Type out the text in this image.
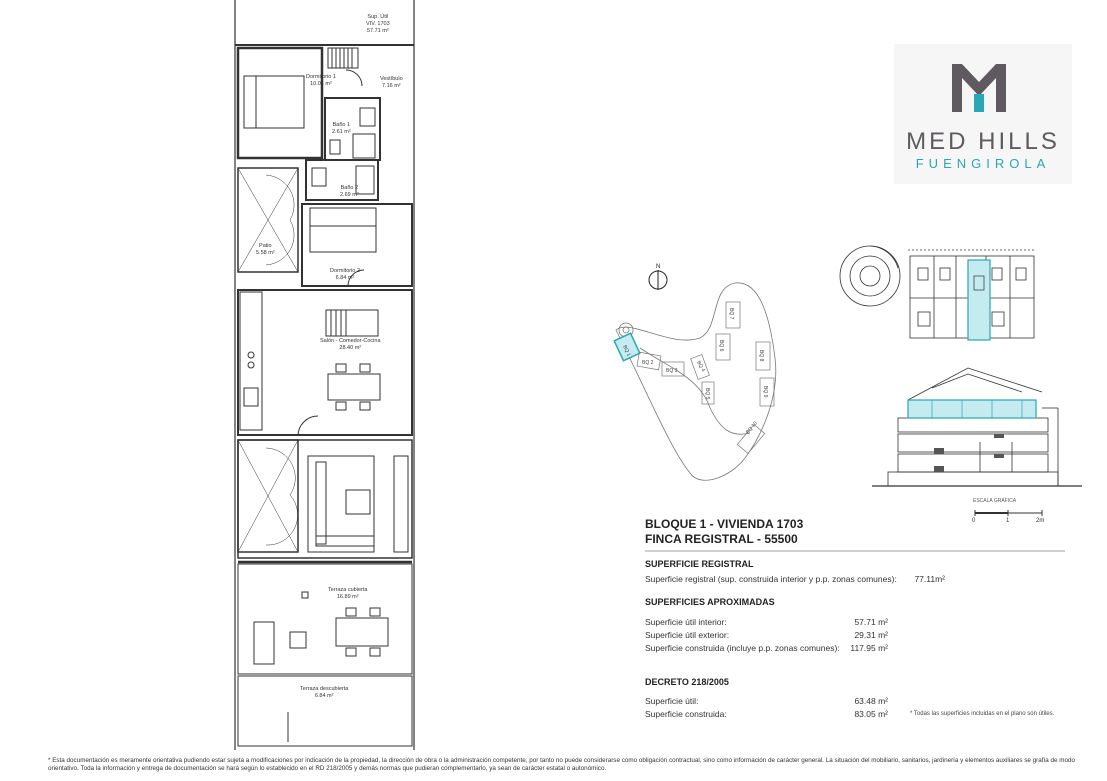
Sup. Útil
VIV. 1703
57.71 m²
Dormitorio 1
10.01 m²
Vestíbulo
7.16 m²
Baño 1
2.61 m²
Baño 2
2.69 m²
Patio
5.58 m²
Dormitorio 2
6.84 m²
Salón - Comedor-Cocina
28.40 m²
Terraza cubierta
16.89 m²
Terraza descubierta
6.84 m²
MED HILLS
FUENGIROLA
N
BQ 1
BQ 2
BQ 3	BQ 4
BQ 5
BQ 6
BQ 7
BQ 8
BQ 9
BQ 10
ESCALA GRÁFICA
0	1	2m
BLOQUE 1 - VIVIENDA 1703
FINCA REGISTRAL - 55500
SUPERFICIE REGISTRAL
Superficie registral (sup. construida interior y p.p. zonas comunes):	77.11m²
SUPERFICIES APROXIMADAS
Superficie útil interior:	57.71 m²
Superficie útil exterior:	29.31 m²
Superficie construida (incluye p.p. zonas comunes):	117.95 m²
DECRETO 218/2005
Superficie útil:	63.48 m²
Superficie construida:	83.05 m²	* Todas las superficies incluidas en el plano son útiles.
* Esta documentación es meramente orientativa pudiendo estar sujeta a modificaciones por indicación de la propiedad, la dirección de obra o la administración competente, por tanto no puede considerarse como obligación contractual, sino como información de carácter general. La situación del mobiliario, sanitarios, jardinería y elementos auxiliares se grafía de modo orientativo. Toda la información y entrega de documentación se hará según lo establecido en el RD 218/2005 y demás normas que pudieran complementarlo, ya sean de carácter estatal o autonómico.
